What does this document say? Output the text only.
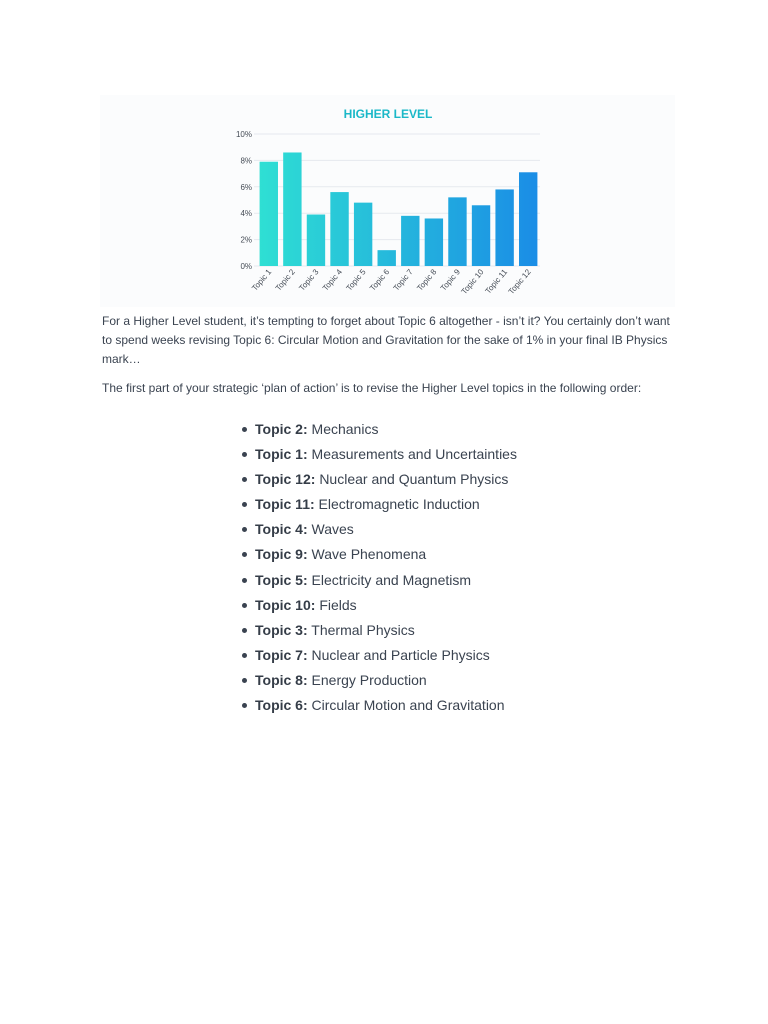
HIGHER LEVEL
0%
2%
4%
6%
8%
10%
Topic 1 Topic 2 Topic 3 Topic 4 Topic 5 Topic 6 Topic 7 Topic 8 Topic 9
Topic 10
Topic 11
Topic 12
For a Higher Level student, it’s tempting to forget about Topic 6 altogether - isn’t it? You certainly don’t want to spend weeks revising Topic 6: Circular Motion and Gravitation for the sake of 1% in your final IB Physics mark…
The first part of your strategic ‘plan of action’ is to revise the Higher Level topics in the following order:
Topic 2: Mechanics
Topic 1: Measurements and Uncertainties
Topic 12: Nuclear and Quantum Physics
Topic 11: Electromagnetic Induction
Topic 4: Waves
Topic 9: Wave Phenomena
Topic 5: Electricity and Magnetism
Topic 10: Fields
Topic 3: Thermal Physics
Topic 7: Nuclear and Particle Physics
Topic 8: Energy Production
Topic 6: Circular Motion and Gravitation
